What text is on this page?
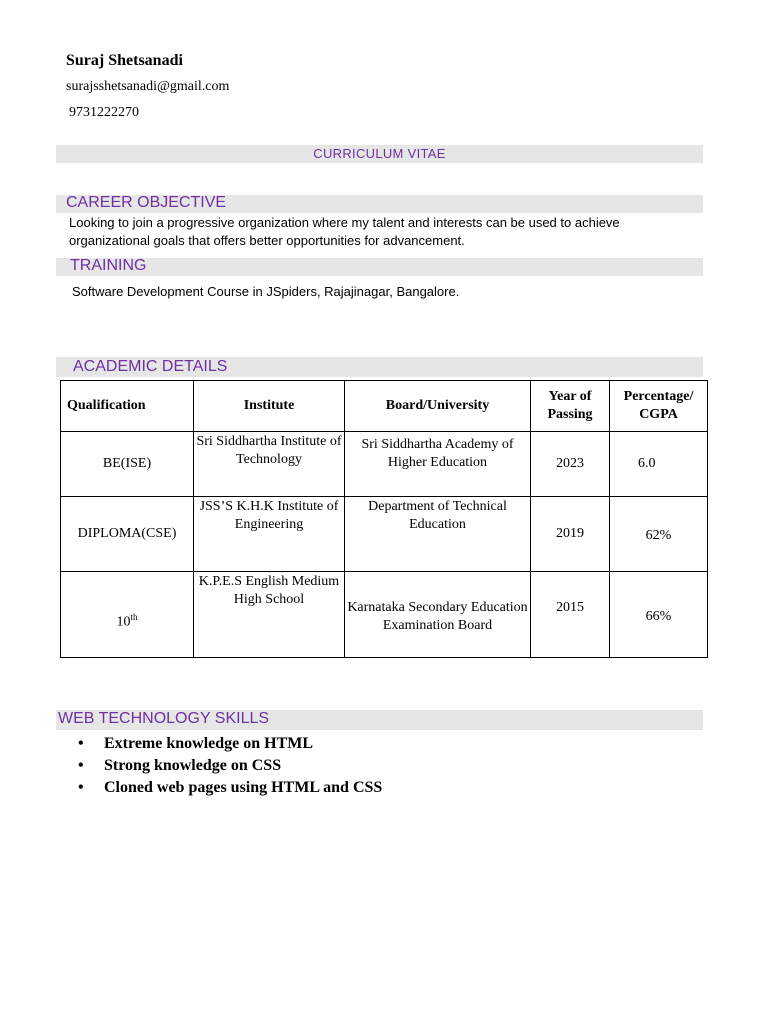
Suraj Shetsanadi
surajsshetsanadi@gmail.com
9731222270
CURRICULUM VITAE
CAREER OBJECTIVE
Looking to join a progressive organization where my talent and interests can be used to achieve organizational goals that offers better opportunities for advancement.
TRAINING
Software Development Course in JSpiders, Rajajinagar, Bangalore.
ACADEMIC DETAILS
Qualification	Institute	Board/University	Year of Passing	Percentage/ CGPA
BE(ISE)	Sri Siddhartha Institute of Technology	Sri Siddhartha Academy of Higher Education	2023	6.0
DIPLOMA(CSE)	JSS’S K.H.K Institute of Engineering	Department of Technical Education	2019	62%
10th	K.P.E.S English Medium High School	Karnataka Secondary Education Examination Board	2015	66%
WEB TECHNOLOGY SKILLS
• Extreme knowledge on HTML
• Strong knowledge on CSS
• Cloned web pages using HTML and CSS
